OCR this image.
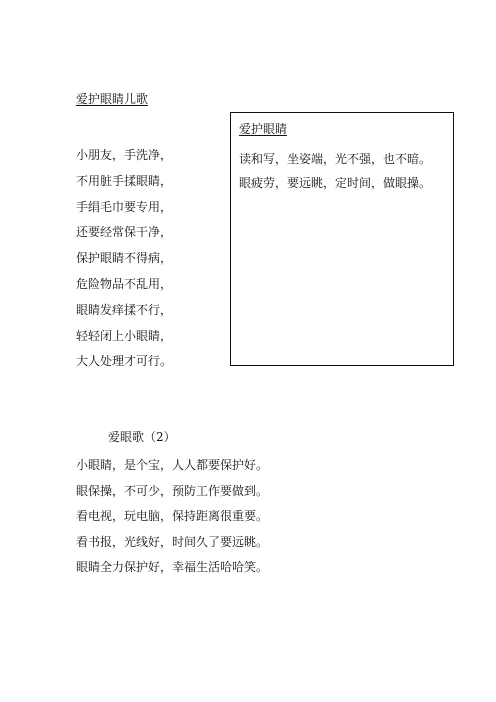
爱护眼睛儿歌
小朋友，手洗净，
不用脏手揉眼睛，
手绢毛巾要专用，
还要经常保干净，
保护眼睛不得病，
危险物品不乱用，
眼睛发痒揉不行，
轻轻闭上小眼睛，
大人处理才可行。
爱护眼睛
读和写，坐姿端，光不强，也不暗。
眼疲劳，要远眺，定时间，做眼操。
爱眼歌（2）
小眼睛，是个宝，人人都要保护好。
眼保操，不可少，预防工作要做到。
看电视，玩电脑，保持距离很重要。
看书报，光线好，时间久了要远眺。
眼睛全力保护好，幸福生活哈哈笑。
